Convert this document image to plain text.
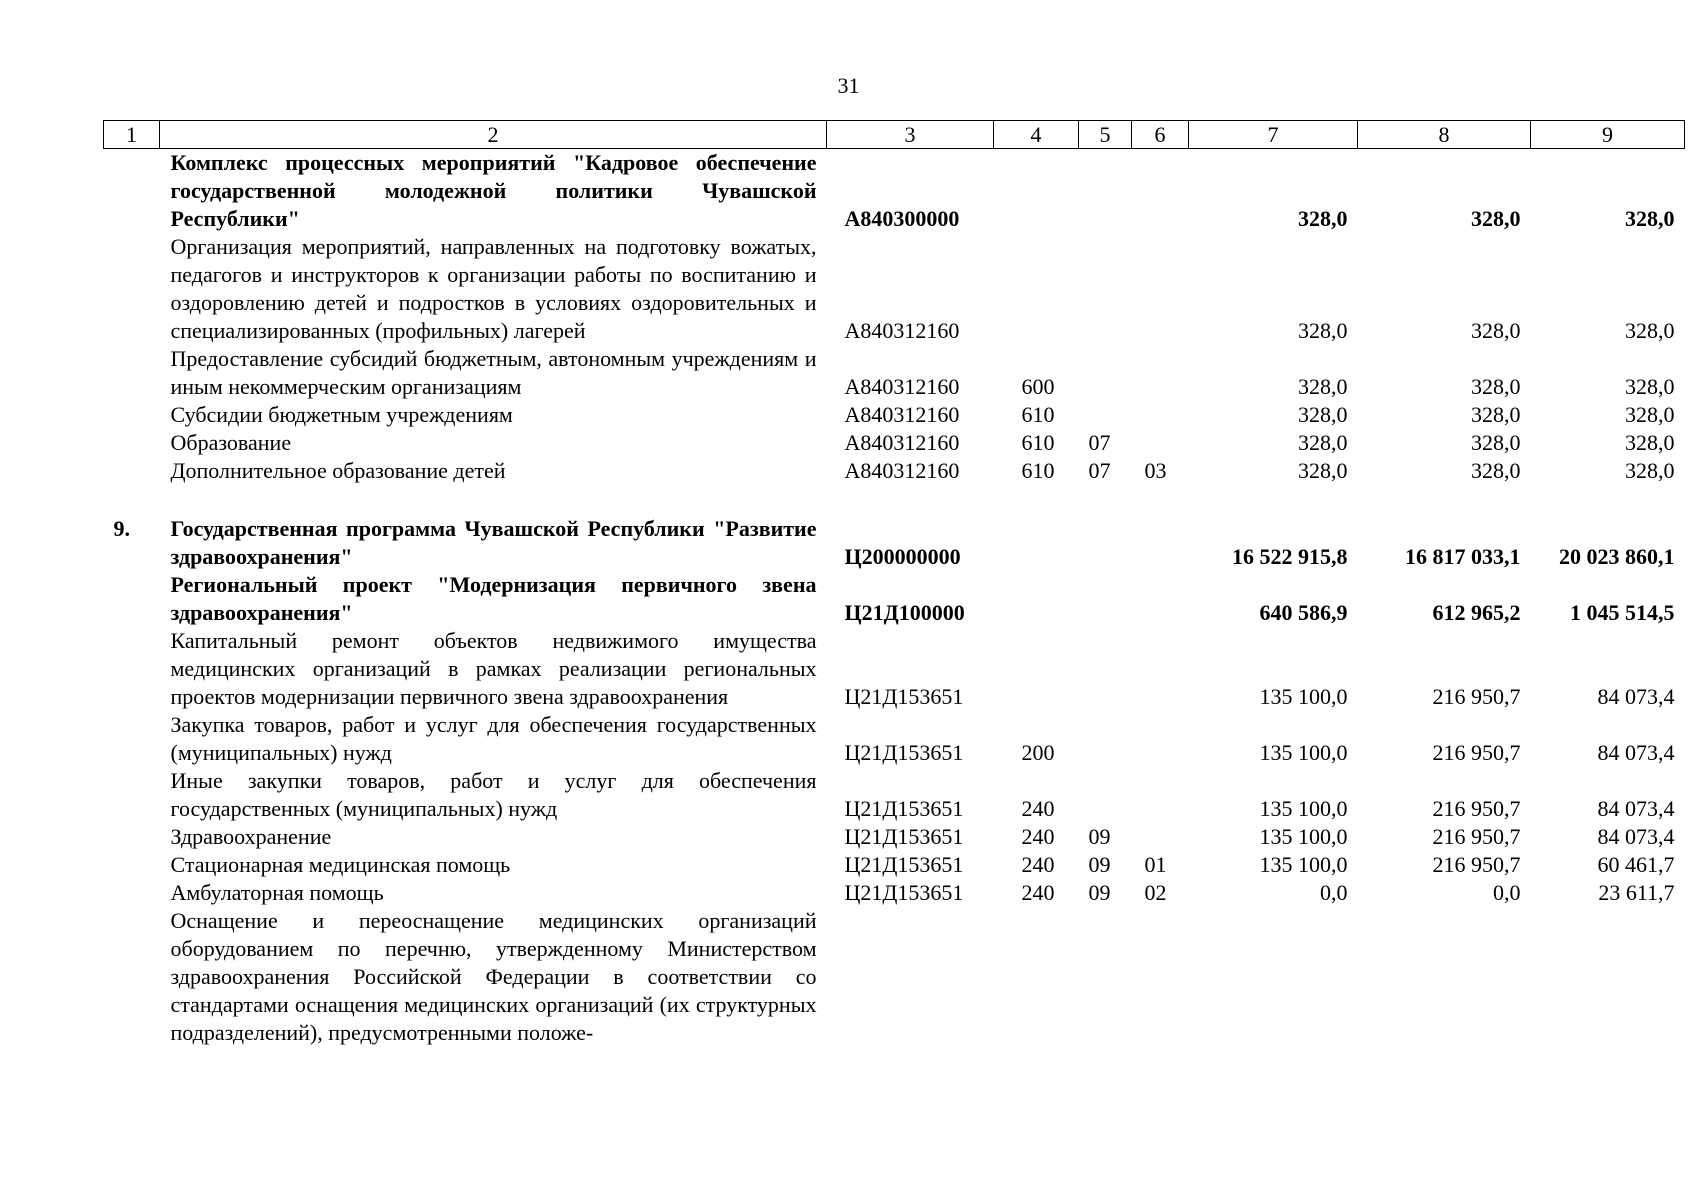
31
1	2	3	4	5	6	7	8	9
	Комплекс процессных мероприятий "Кадровое обеспечение государственной молодежной политики Чувашской Республики"	А840300000				328,0	328,0	328,0
	Организация мероприятий, направленных на подготовку вожатых, педагогов и инструкторов к организации работы по воспитанию и оздоровлению детей и подростков в условиях оздоровительных и специализированных (профильных) лагерей	А840312160				328,0	328,0	328,0
	Предоставление субсидий бюджетным, автономным учреждениям и иным некоммерческим организациям	А840312160	600			328,0	328,0	328,0
	Субсидии бюджетным учреждениям	А840312160	610			328,0	328,0	328,0
	Образование	А840312160	610	07		328,0	328,0	328,0
	Дополнительное образование детей	А840312160	610	07	03	328,0	328,0	328,0

9.	Государственная программа Чувашской Республики "Развитие здравоохранения"	Ц200000000				16 522 915,8	16 817 033,1	20 023 860,1
	Региональный проект "Модернизация первичного звена здравоохранения"	Ц21Д100000				640 586,9	612 965,2	1 045 514,5
	Капитальный ремонт объектов недвижимого имущества медицинских организаций в рамках реализации региональных проектов модернизации первичного звена здравоохранения	Ц21Д153651				135 100,0	216 950,7	84 073,4
	Закупка товаров, работ и услуг для обеспечения государственных (муниципальных) нужд	Ц21Д153651	200			135 100,0	216 950,7	84 073,4
	Иные закупки товаров, работ и услуг для обеспечения государственных (муниципальных) нужд	Ц21Д153651	240			135 100,0	216 950,7	84 073,4
	Здравоохранение	Ц21Д153651	240	09		135 100,0	216 950,7	84 073,4
	Стационарная медицинская помощь	Ц21Д153651	240	09	01	135 100,0	216 950,7	60 461,7
	Амбулаторная помощь	Ц21Д153651	240	09	02	0,0	0,0	23 611,7
	Оснащение и переоснащение медицинских организаций оборудованием по перечню, утвержденному Министерством здравоохранения Российской Федерации в соответствии со стандартами оснащения медицинских организаций (их структурных подразделений), предусмотренными положе-							
